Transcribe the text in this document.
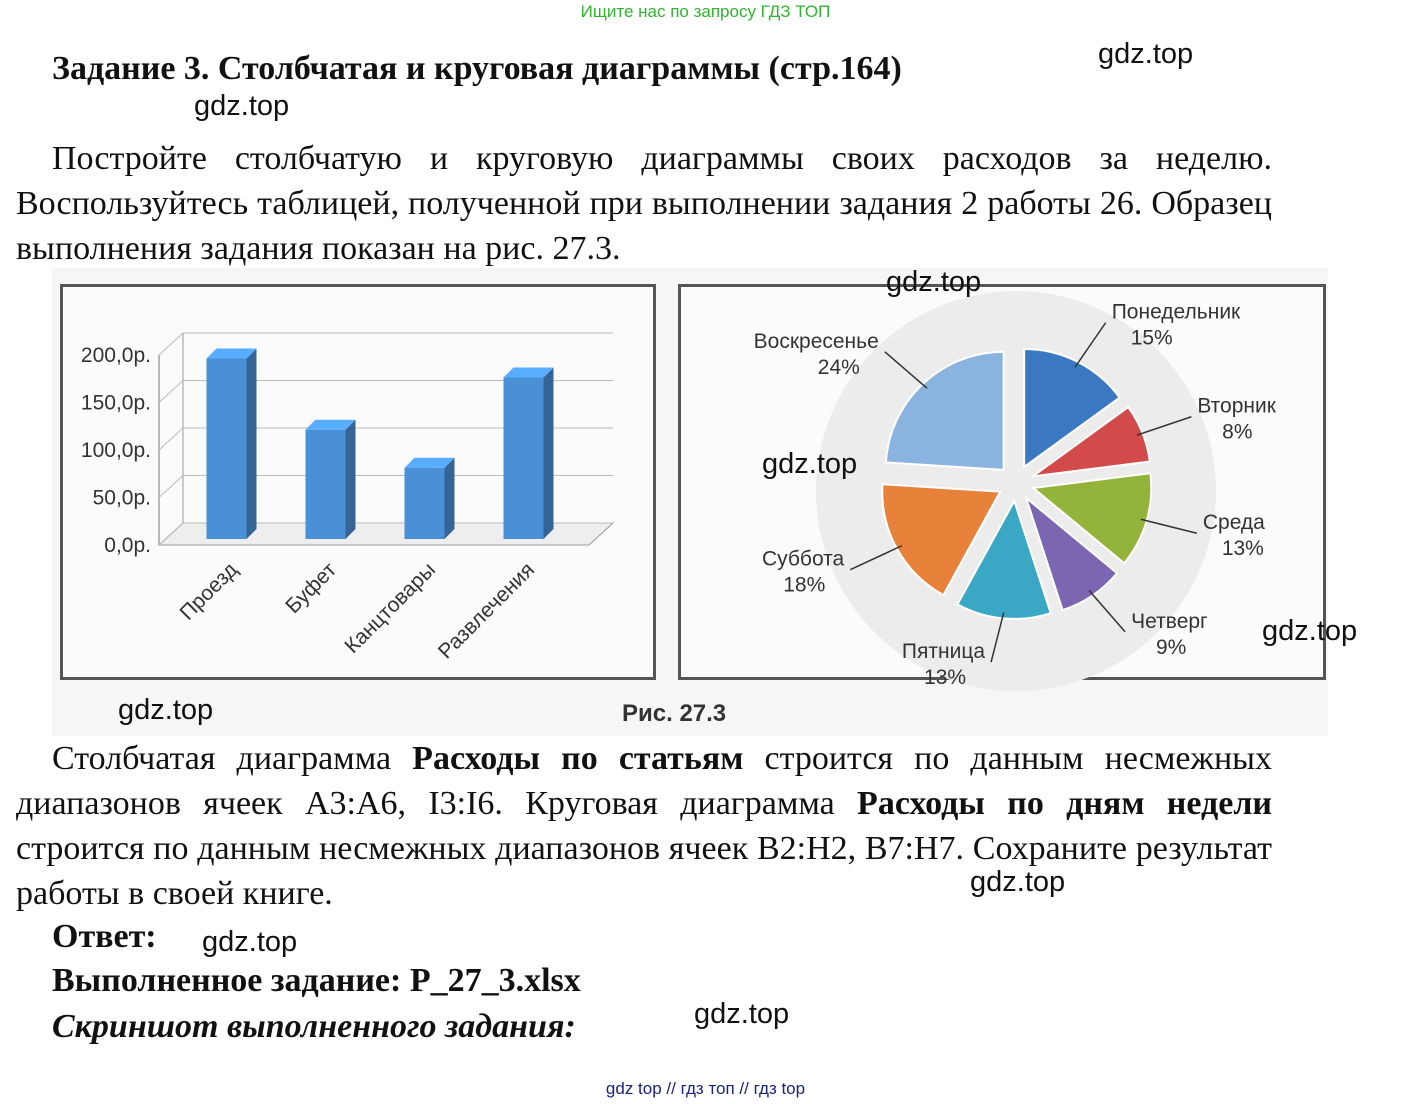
Ищите нас по запросу ГДЗ ТОП
Задание 3. Столбчатая и круговая диаграммы (стр.164)

Постройте столбчатую и круговую диаграммы своих расходов за неделю. Воспользуйтесь таблицей, полученной при выполнении задания 2 работы 26. Образец выполнения задания показан на рис. 27.3.

0,0р.
50,0р.
100,0р.
150,0р.
200,0р.
Проезд Буфет Канцтовары
Развлечения
Понедельник
15%
Вторник
8%
Среда
13%
Четверг
9%
Пятница
13%
Суббота
18%
Воскресенье
24%
Рис. 27.3

Столбчатая диаграмма Расходы по статьям строится по данным несмежных диапазонов ячеек A3:A6, I3:I6. Круговая диаграмма Расходы по дням недели строится по данным несмежных диапазонов ячеек B2:H2, B7:H7. Сохраните результат работы в своей книге.

Ответ:
Выполненное задание: P_27_3.xlsx
Скриншот выполненного задания:
gdz.top
gdz.top
gdz.top
gdz.top
gdz.top
gdz.top
gdz.top
gdz.top
gdz.top
gdz top // гдз топ // гдз top
